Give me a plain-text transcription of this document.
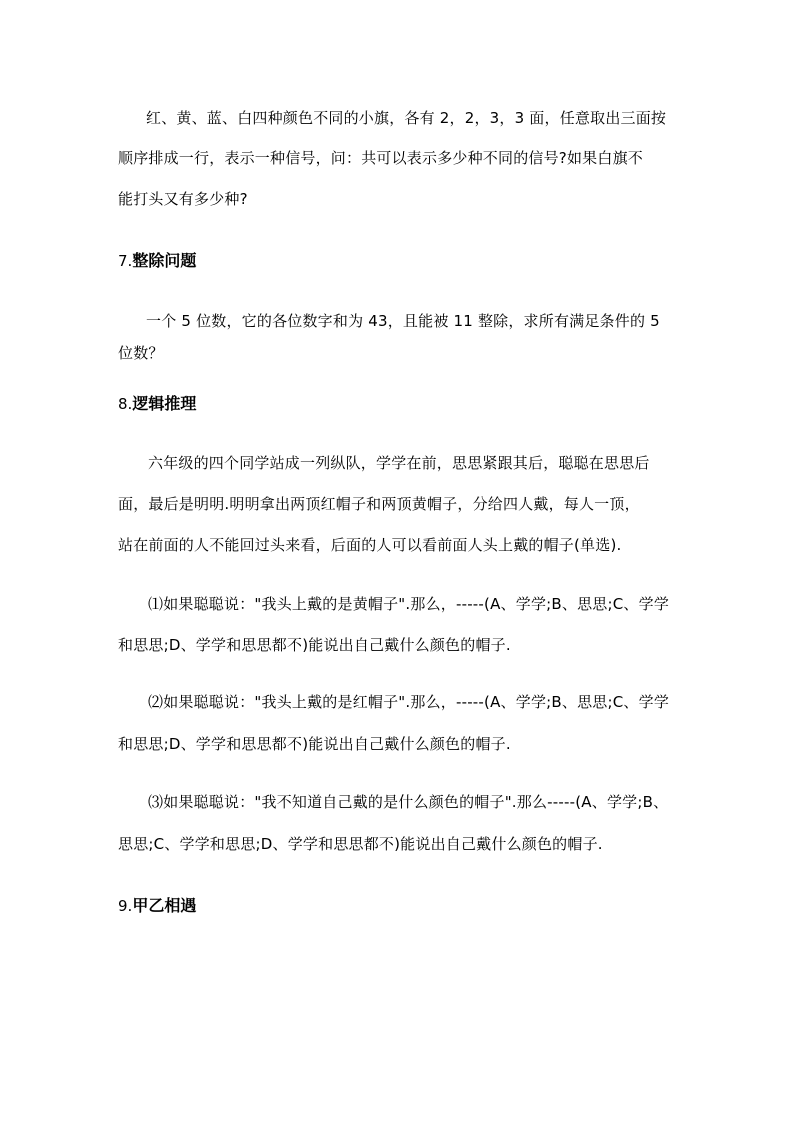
红、黄、蓝、白四种颜色不同的小旗，各有 2，2，3，3 面，任意取出三面按
顺序排成一行，表示一种信号，问：共可以表示多少种不同的信号?如果白旗不
能打头又有多少种?
7.整除问题
一个 5 位数，它的各位数字和为 43，且能被 11 整除，求所有满足条件的 5
位数？
8.逻辑推理
六年级的四个同学站成一列纵队，学学在前，思思紧跟其后，聪聪在思思后
面，最后是明明.明明拿出两顶红帽子和两顶黄帽子，分给四人戴，每人一顶，
站在前面的人不能回过头来看，后面的人可以看前面人头上戴的帽子(单选).
⑴如果聪聪说："我头上戴的是黄帽子".那么，-----(A、学学;B、思思;C、学学
和思思;D、学学和思思都不)能说出自己戴什么颜色的帽子.
⑵如果聪聪说："我头上戴的是红帽子".那么，-----(A、学学;B、思思;C、学学
和思思;D、学学和思思都不)能说出自己戴什么颜色的帽子.
⑶如果聪聪说："我不知道自己戴的是什么颜色的帽子".那么-----(A、学学;B、
思思;C、学学和思思;D、学学和思思都不)能说出自己戴什么颜色的帽子.
9.甲乙相遇
